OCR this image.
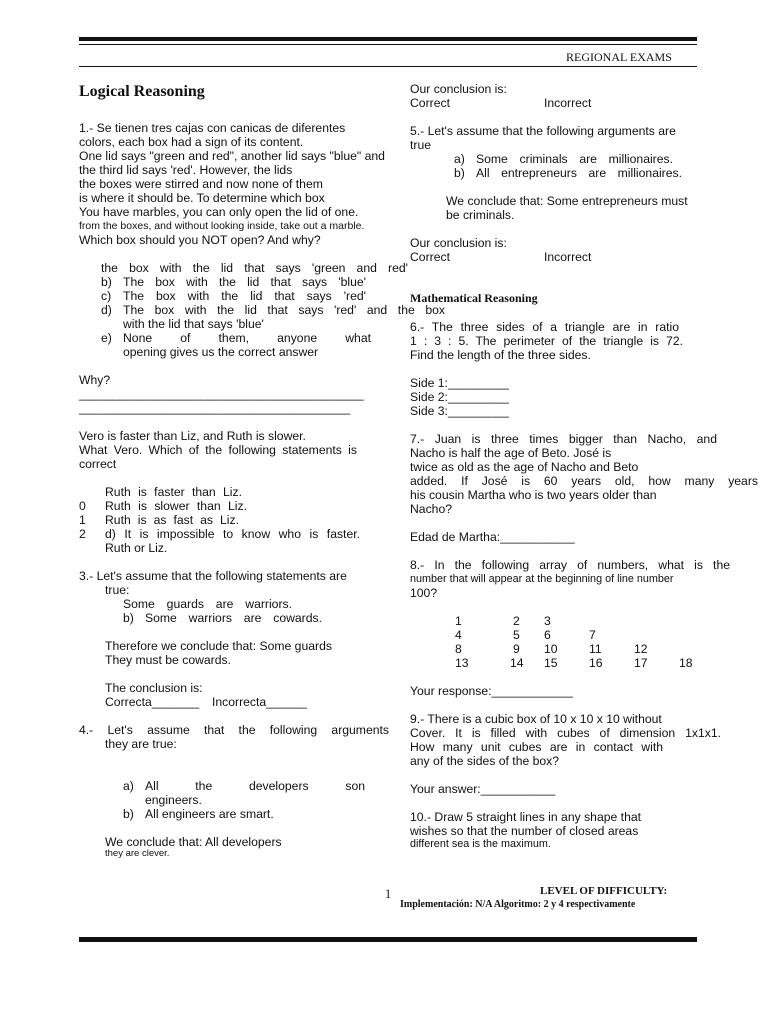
REGIONAL EXAMS
Logical Reasoning
1.- Se tienen tres cajas con canicas de diferentes
colors, each box had a sign of its content.
One lid says "green and red", another lid says "blue" and
the third lid says 'red'. However, the lids
the boxes were stirred and now none of them
is where it should be. To determine which box
You have marbles, you can only open the lid of one.
from the boxes, and without looking inside, take out a marble.
Which box should you NOT open? And why?
the box with the lid that says 'green and red'
b) The box with the lid that says 'blue'
c) The box with the lid that says 'red'
d) The box with the lid that says 'red' and the box
with the lid that says 'blue'
e) None of them, anyone what
opening gives us the correct answer
Why?
__________________________________________
________________________________________
Vero is faster than Liz, and Ruth is slower.
What Vero. Which of the following statements is
correct
Ruth is faster than Liz.
0 Ruth is slower than Liz.
1 Ruth is as fast as Liz.
2 d) It is impossible to know who is faster.
Ruth or Liz.
3.- Let's assume that the following statements are
true:
Some guards are warriors.
b) Some warriors are cowards.
Therefore we conclude that: Some guards
They must be cowards.
The conclusion is:
Correcta_______ Incorrecta______
4.- Let's assume that the following arguments
they are true:
a) All the developers son
engineers.
b) All engineers are smart.
We conclude that: All developers
they are clever.
Our conclusion is:
Correct	Incorrect
5.- Let's assume that the following arguments are
true
a) Some criminals are millionaires.
b) All entrepreneurs are millionaires.
We conclude that: Some entrepreneurs must
be criminals.
Our conclusion is:
Correct	Incorrect
Mathematical Reasoning
6.- The three sides of a triangle are in ratio
1 : 3 : 5. The perimeter of the triangle is 72.
Find the length of the three sides.
Side 1:_________
Side 2:_________
Side 3:_________
7.- Juan is three times bigger than Nacho, and
Nacho is half the age of Beto. José is
twice as old as the age of Nacho and Beto
added. If José is 60 years old, how many years
his cousin Martha who is two years older than
Nacho?
Edad de Martha:___________
8.- In the following array of numbers, what is the
number that will appear at the beginning of line number
100?
1	2 3
4	5 6	7
8	9 10	11	12
13	14 15	16	17	18
Your response:____________
9.- There is a cubic box of 10 x 10 x 10 without
Cover. It is filled with cubes of dimension 1x1x1.
How many unit cubes are in contact with
any of the sides of the box?
Your answer:___________
10.- Draw 5 straight lines in any shape that
wishes so that the number of closed areas
different sea is the maximum.
1	LEVEL OF DIFFICULTY:
Implementación: N/A Algoritmo: 2 y 4 respectivamente
